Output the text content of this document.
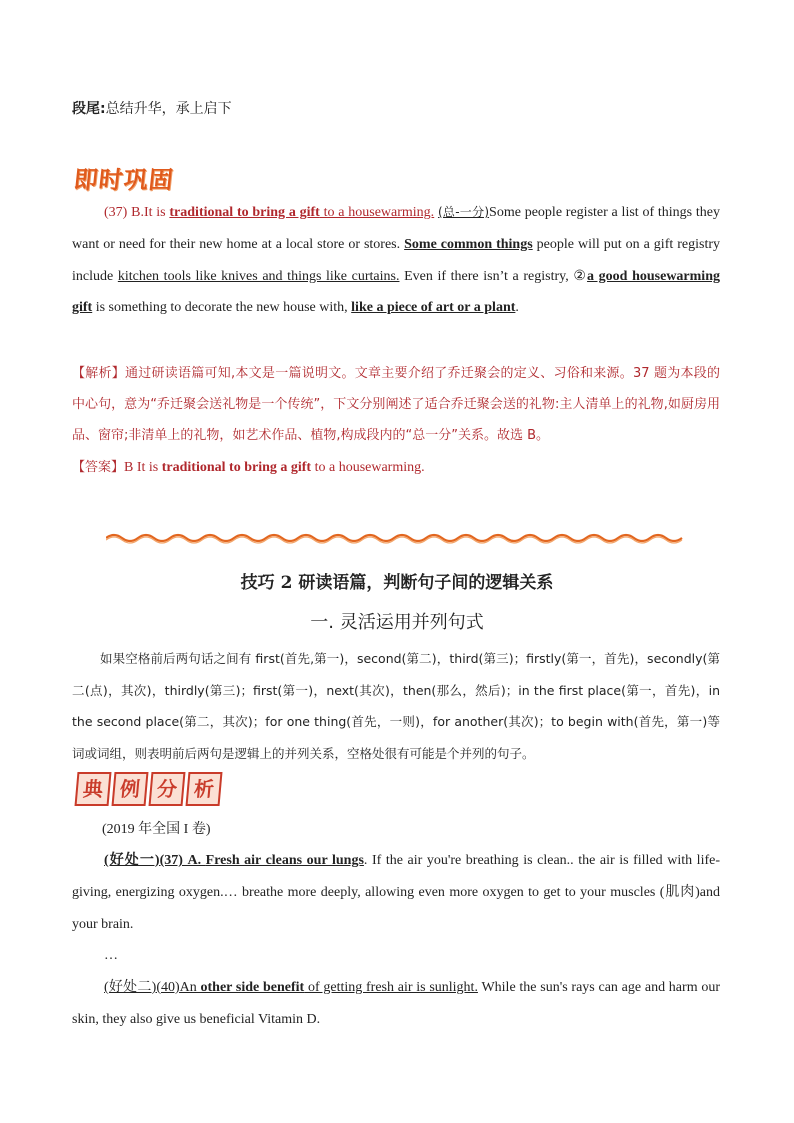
段尾:总结升华，承上启下
即时巩固
(37) B.It is traditional to bring a gift to a housewarming. (总-一分)Some people register a list of things they want or need for their new home at a local store or stores. Some common things people will put on a gift registry include kitchen tools like knives and things like curtains. Even if there isn’t a registry, ②a good housewarming gift is something to decorate the new house with, like a piece of art or a plant.
【解析】通过研读语篇可知,本文是一篇说明文。文章主要介绍了乔迁聚会的定义、习俗和来源。37 题为本段的中心句，意为“乔迁聚会送礼物是一个传统”，下文分别阐述了适合乔迁聚会送的礼物:主人清单上的礼物,如厨房用品、窗帘;非清单上的礼物，如艺术作品、植物,构成段内的“总一分”关系。故选 B。
【答案】B It is traditional to bring a gift to a housewarming.
技巧 2 研读语篇，判断句子间的逻辑关系
一. 灵活运用并列句式
如果空格前后两句话之间有 first(首先,第一)，second(第二)，third(第三)；firstly(第一，首先)，secondly(第二(点)，其次)，thirdly(第三)；first(第一)，next(其次)，then(那么，然后)；in the first place(第一，首先)，in the second place(第二，其次)；for one thing(首先，一则)，for another(其次)；to begin with(首先，第一)等词或词组，则表明前后两句是逻辑上的并列关系，空格处很有可能是个并列的句子。
典 例 分 析
(2019 年全国 I 卷)
(好处一)(37) A. Fresh air cleans our lungs. If the air you're breathing is clean.. the air is filled with life-giving, energizing oxygen.… breathe more deeply, allowing even more oxygen to get to your muscles (肌肉)and your brain.
…
(好处二)(40)An other side benefit of getting fresh air is sunlight. While the sun's rays can age and harm our skin, they also give us beneficial Vitamin D.
